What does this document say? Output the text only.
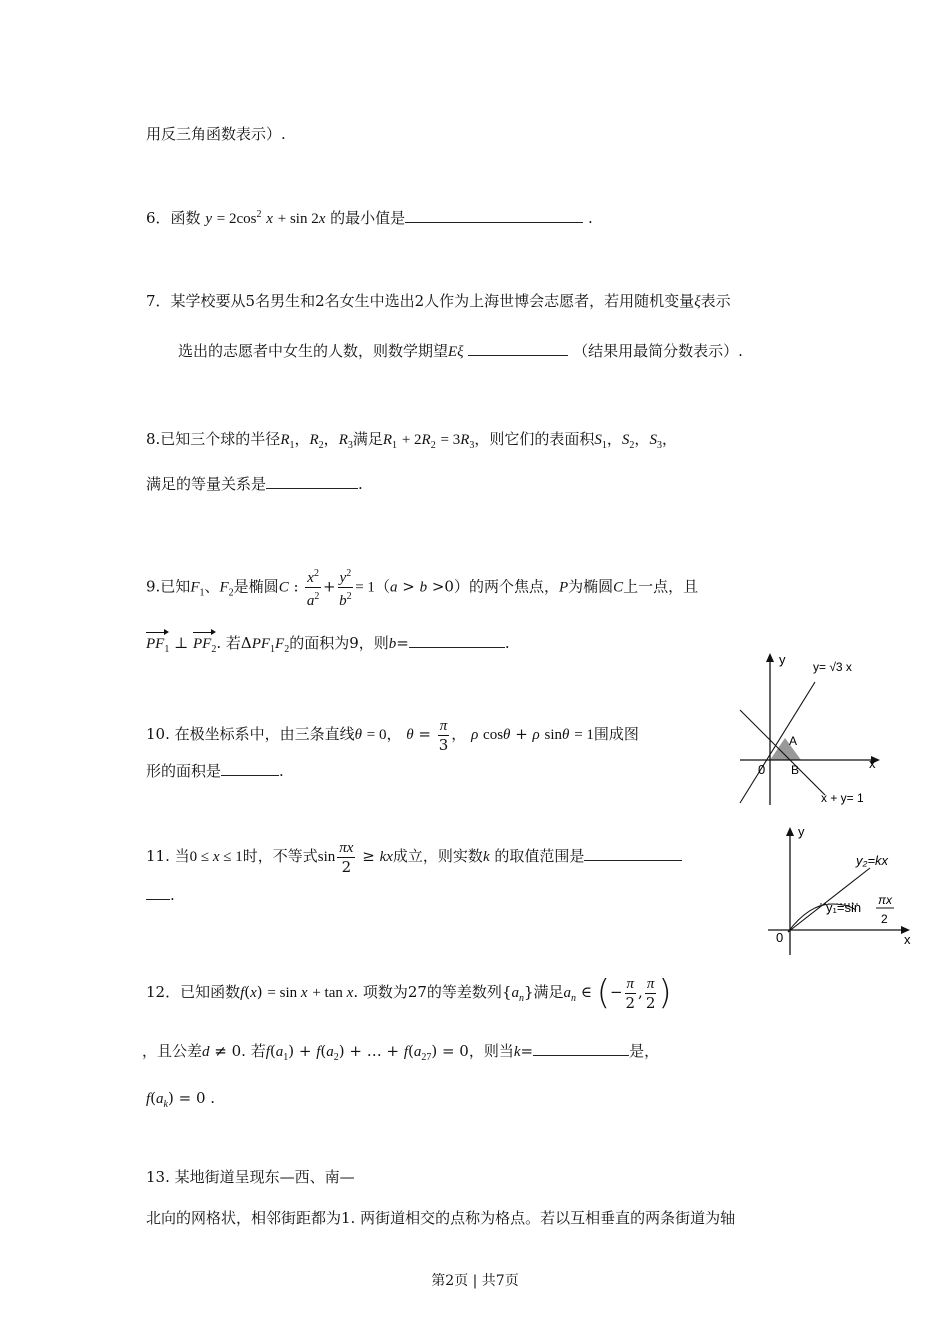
用反三角函数表示）.
6．函数 $y = 2\cos^2$ x + sin 2x 的最小值是	.
7．某学校要从5名男生和2名女生中选出2人作为上海世博会志愿者，若用随机变量ξ表示
选出的志愿者中女生的人数，则数学期望Eξ	（结果用最简分数表示）.
8.已知三个球的半径$R_1$，$R_2$，$R_3$满足$R_1 + 2R_2 = 3R_3$，则它们的表面积$S_1$，$S_2$，$S_3$，
满足的等量关系是	.
9.已知$F_1$、$F_2$是椭圆C : $\frac{x^2}{a^2} + \frac{y^2}{b^2} = 1(a > b >0)$的两个焦点，P为椭圆C上一点，且
$PF_1$ ⊥ $PF_2$. 若$\Delta PF_1F_2$的面积为9，则b=	.
10. 在极坐标系中，由三条直线θ = 0， $\theta = \frac{\pi}{3}$ ， ρ cosθ + ρ sinθ = 1围成图
形的面积是	.
y
x
y= √3 x
x + y= 1
A
B
0
11. 当0 ≤ x ≤ 1时，不等式$\sin \frac{\pi x}{2}$ ≥ kx成立，则实数k 的取值范围是
.
y
x
y₂=kx
y₁=sin πx
2
0
12．已知函数f(x) = sin x + tan x. 项数为27的等差数列$\{a_n\}$满足$a_n$ ∈ (− $\frac{\pi}{2}$ , $\frac{\pi}{2}$ )
，且公差d ≠ 0. 若$f(a_1) + f(a_2)$ + … + $f(a_{27}) = 0$，则当k=	是，
$f(a_k) = 0$ .
13. 某地街道呈现东—西、南—
北向的网格状，相邻街距都为1. 两街道相交的点称为格点。若以互相垂直的两条街道为轴
第2页 | 共7页
